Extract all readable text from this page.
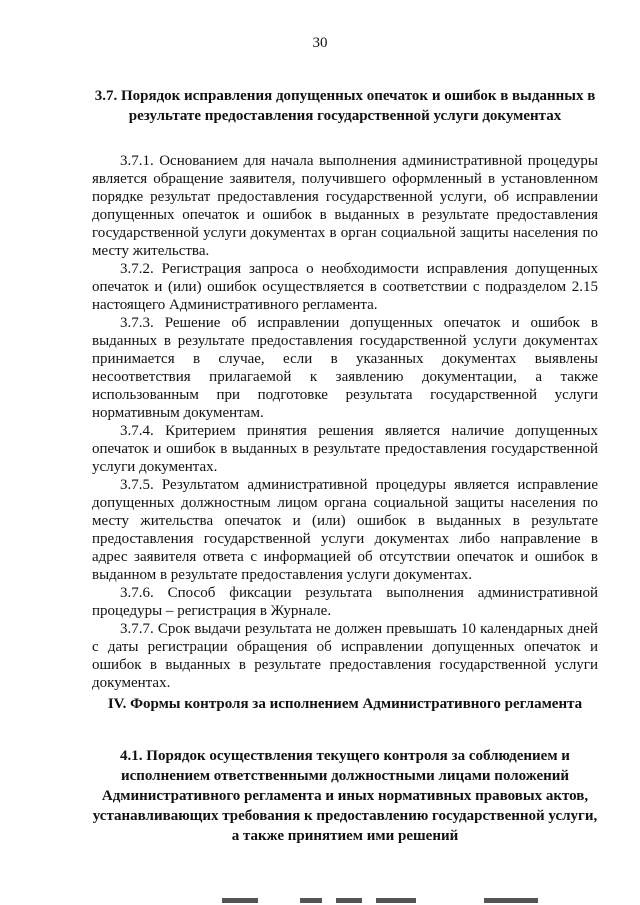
30
3.7. Порядок исправления допущенных опечаток и ошибок в выданных в результате предоставления государственной услуги документах

3.7.1. Основанием для начала выполнения административной процедуры является обращение заявителя, получившего оформленный в установленном порядке результат предоставления государственной услуги, об исправлении допущенных опечаток и ошибок в выданных в результате предоставления государственной услуги документах в орган социальной защиты населения по месту жительства.

3.7.2. Регистрация запроса о необходимости исправления допущенных опечаток и (или) ошибок осуществляется в соответствии с подразделом 2.15 настоящего Административного регламента.

3.7.3. Решение об исправлении допущенных опечаток и ошибок в выданных в результате предоставления государственной услуги документах принимается в случае, если в указанных документах выявлены несоответствия прилагаемой к заявлению документации, а также использованным при подготовке результата государственной услуги нормативным документам.

3.7.4. Критерием принятия решения является наличие допущенных опечаток и ошибок в выданных в результате предоставления государственной услуги документах.

3.7.5. Результатом административной процедуры является исправление допущенных должностным лицом органа социальной защиты населения по месту жительства опечаток и (или) ошибок в выданных в результате предоставления государственной услуги документах либо направление в адрес заявителя ответа с информацией об отсутствии опечаток и ошибок в выданном в результате предоставления услуги документах.

3.7.6. Способ фиксации результата выполнения административной процедуры – регистрация в Журнале.

3.7.7. Срок выдачи результата не должен превышать 10 календарных дней с даты регистрации обращения об исправлении допущенных опечаток и ошибок в выданных в результате предоставления государственной услуги документах.

IV. Формы контроля за исполнением Административного регламента
4.1. Порядок осуществления текущего контроля за соблюдением и исполнением ответственными должностными лицами положений Административного регламента и иных нормативных правовых актов, устанавливающих требования к предоставлению государственной услуги, а также принятием ими решений
